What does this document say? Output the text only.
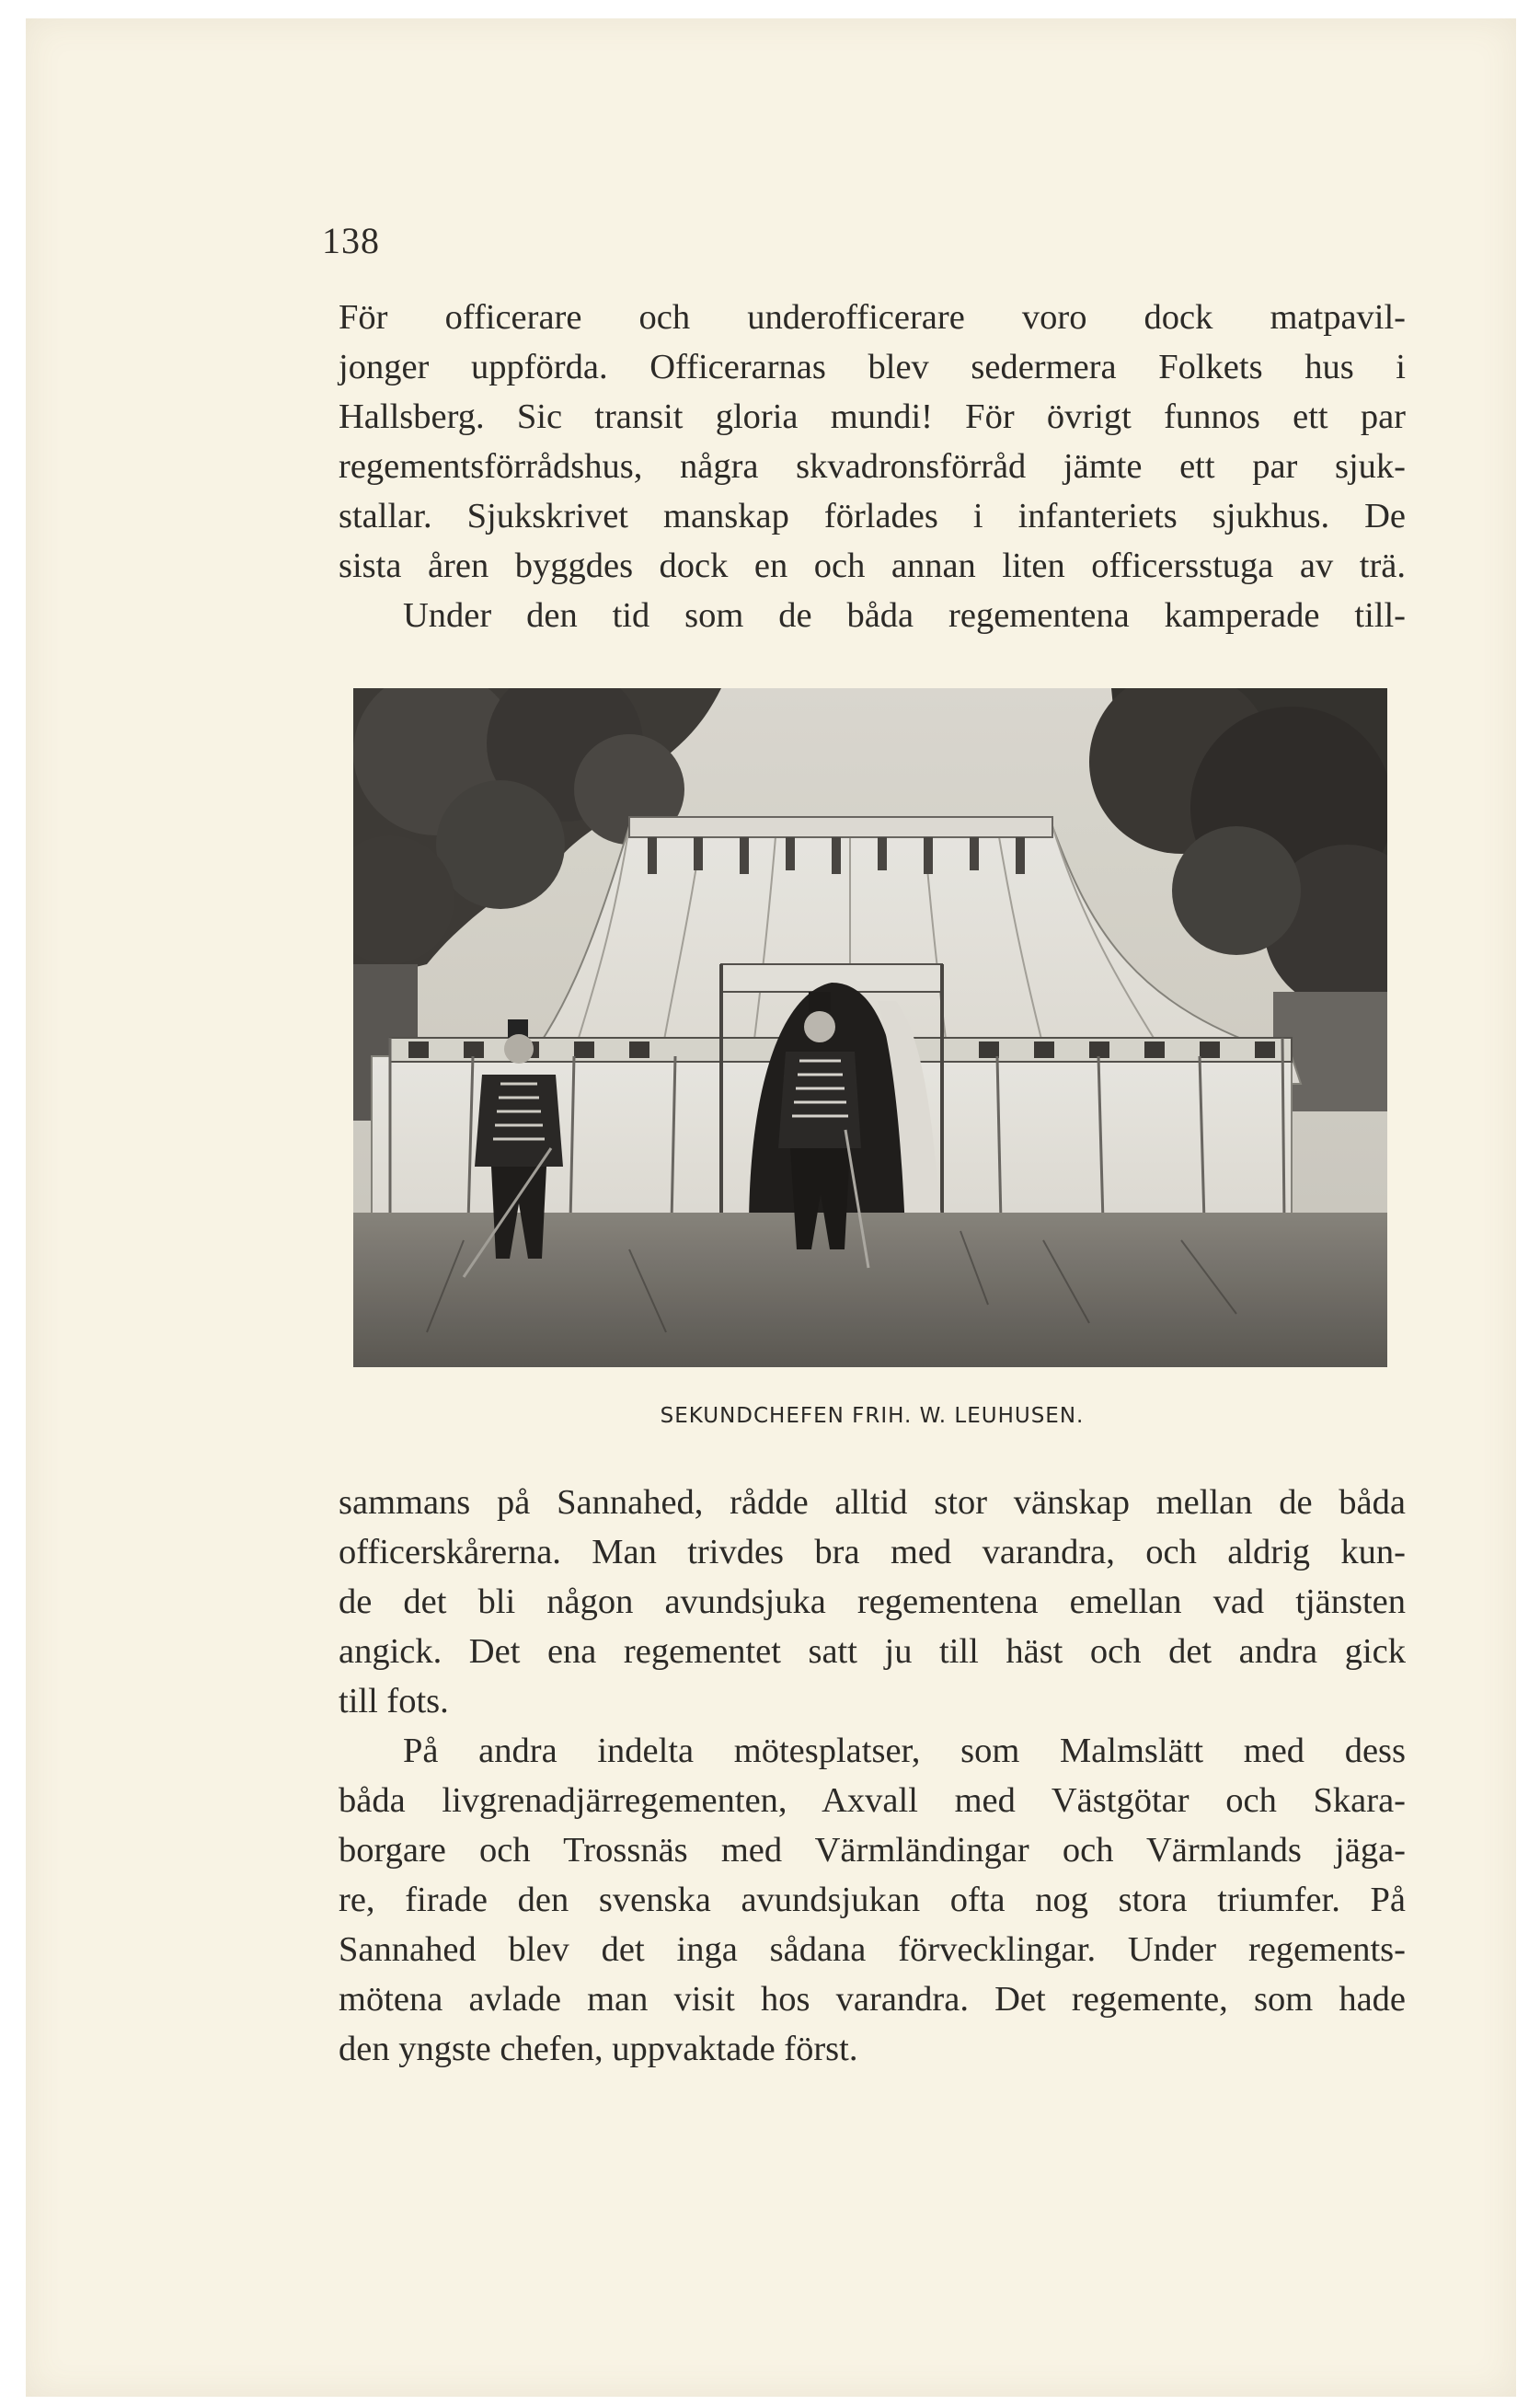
138
För officerare och underofficerare voro dock matpavil-
jonger uppförda. Officerarnas blev sedermera Folkets hus i
Hallsberg. Sic transit gloria mundi! För övrigt funnos ett par
regementsförrådshus, några skvadronsförråd jämte ett par sjuk-
stallar. Sjukskrivet manskap förlades i infanteriets sjukhus. De
sista åren byggdes dock en och annan liten officersstuga av trä.
Under den tid som de båda regementena kamperade till-
SEKUNDCHEFEN FRIH. W. LEUHUSEN.
sammans på Sannahed, rådde alltid stor vänskap mellan de båda
officerskårerna. Man trivdes bra med varandra, och aldrig kun-
de det bli någon avundsjuka regementena emellan vad tjänsten
angick. Det ena regementet satt ju till häst och det andra gick
till fots.
På andra indelta mötesplatser, som Malmslätt med dess
båda livgrenadjärregementen, Axvall med Västgötar och Skara-
borgare och Trossnäs med Värmländingar och Värmlands jäga-
re, firade den svenska avundsjukan ofta nog stora triumfer. På
Sannahed blev det inga sådana förvecklingar. Under regements-
mötena avlade man visit hos varandra. Det regemente, som hade
den yngste chefen, uppvaktade först.
